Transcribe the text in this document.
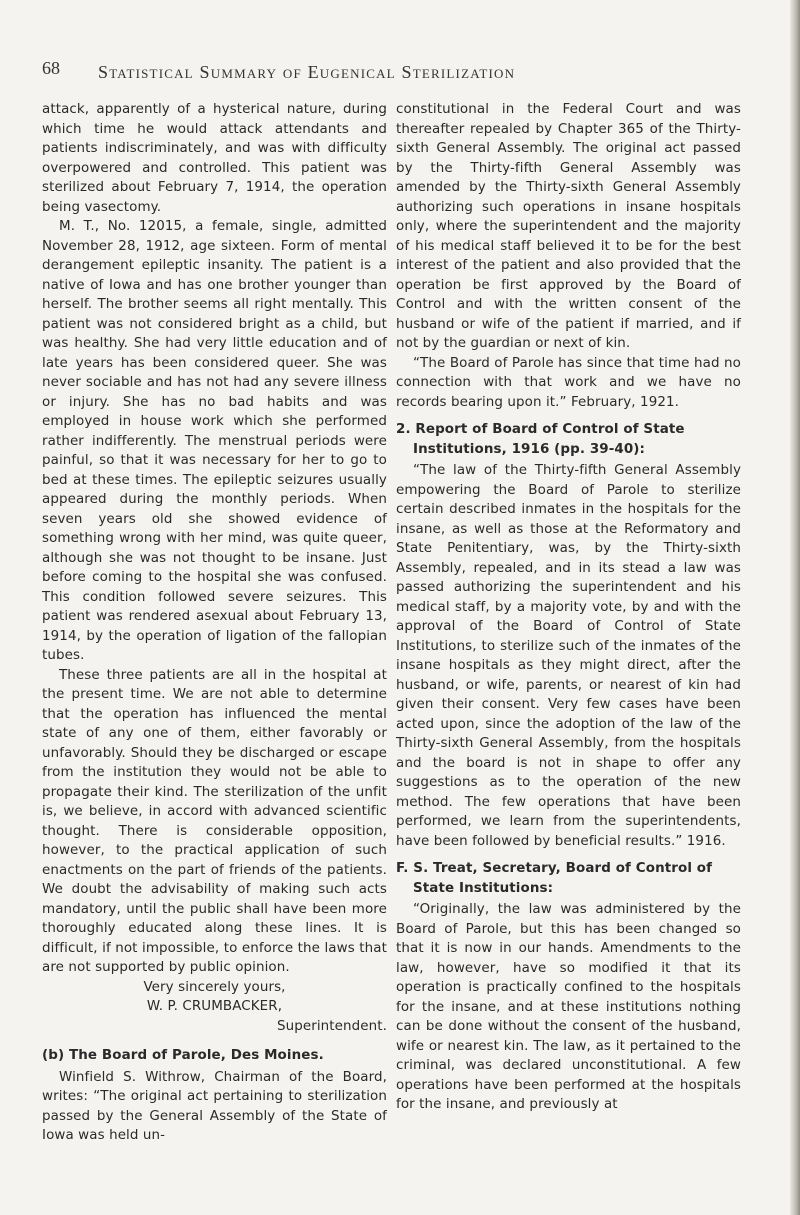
68 Statistical Summary of Eugenical Sterilization

attack, apparently of a hysterical nature, during which time he would attack attendants and patients indiscriminately, and was with difficulty overpowered and controlled. This patient was sterilized about February 7, 1914, the operation being vasectomy.

M. T., No. 12015, a female, single, admitted November 28, 1912, age sixteen. Form of mental derangement epileptic insanity. The patient is a native of Iowa and has one brother younger than herself. The brother seems all right mentally. This patient was not considered bright as a child, but was healthy. She had very little education and of late years has been considered queer. She was never sociable and has not had any severe illness or injury. She has no bad habits and was employed in house work which she performed rather indifferently. The menstrual periods were painful, so that it was necessary for her to go to bed at these times. The epileptic seizures usually appeared during the monthly periods. When seven years old she showed evidence of something wrong with her mind, was quite queer, although she was not thought to be insane. Just before coming to the hospital she was confused. This condition followed severe seizures. This patient was rendered asexual about February 13, 1914, by the operation of ligation of the fallopian tubes.

These three patients are all in the hospital at the present time. We are not able to determine that the operation has influenced the mental state of any one of them, either favorably or unfavorably. Should they be discharged or escape from the institution they would not be able to propagate their kind. The sterilization of the unfit is, we believe, in accord with advanced scientific thought. There is considerable opposition, however, to the practical application of such enactments on the part of friends of the patients. We doubt the advisability of making such acts mandatory, until the public shall have been more thoroughly educated along these lines. It is difficult, if not impossible, to enforce the laws that are not supported by public opinion.

Very sincerely yours,
W. P. CRUMBACKER,
Superintendent.

(b) The Board of Parole, Des Moines.

Winfield S. Withrow, Chairman of the Board, writes: “The original act pertaining to sterilization passed by the General Assembly of the State of Iowa was held un-

constitutional in the Federal Court and was thereafter repealed by Chapter 365 of the Thirty-sixth General Assembly. The original act passed by the Thirty-fifth General Assembly was amended by the Thirty-sixth General Assembly authorizing such operations in insane hospitals only, where the superintendent and the majority of his medical staff believed it to be for the best interest of the patient and also provided that the operation be first approved by the Board of Control and with the written consent of the husband or wife of the patient if married, and if not by the guardian or next of kin.

“The Board of Parole has since that time had no connection with that work and we have no records bearing upon it.” February, 1921.

2. Report of Board of Control of State Institutions, 1916 (pp. 39-40):

“The law of the Thirty-fifth General Assembly empowering the Board of Parole to sterilize certain described inmates in the hospitals for the insane, as well as those at the Reformatory and State Penitentiary, was, by the Thirty-sixth Assembly, repealed, and in its stead a law was passed authorizing the superintendent and his medical staff, by a majority vote, by and with the approval of the Board of Control of State Institutions, to sterilize such of the inmates of the insane hospitals as they might direct, after the husband, or wife, parents, or nearest of kin had given their consent. Very few cases have been acted upon, since the adoption of the law of the Thirty-sixth General Assembly, from the hospitals and the board is not in shape to offer any suggestions as to the operation of the new method. The few operations that have been performed, we learn from the superintendents, have been followed by beneficial results.” 1916.

F. S. Treat, Secretary, Board of Control of State Institutions:

“Originally, the law was administered by the Board of Parole, but this has been changed so that it is now in our hands. Amendments to the law, however, have so modified it that its operation is practically confined to the hospitals for the insane, and at these institutions nothing can be done without the consent of the husband, wife or nearest kin. The law, as it pertained to the criminal, was declared unconstitutional. A few operations have been performed at the hospitals for the insane, and previously at
